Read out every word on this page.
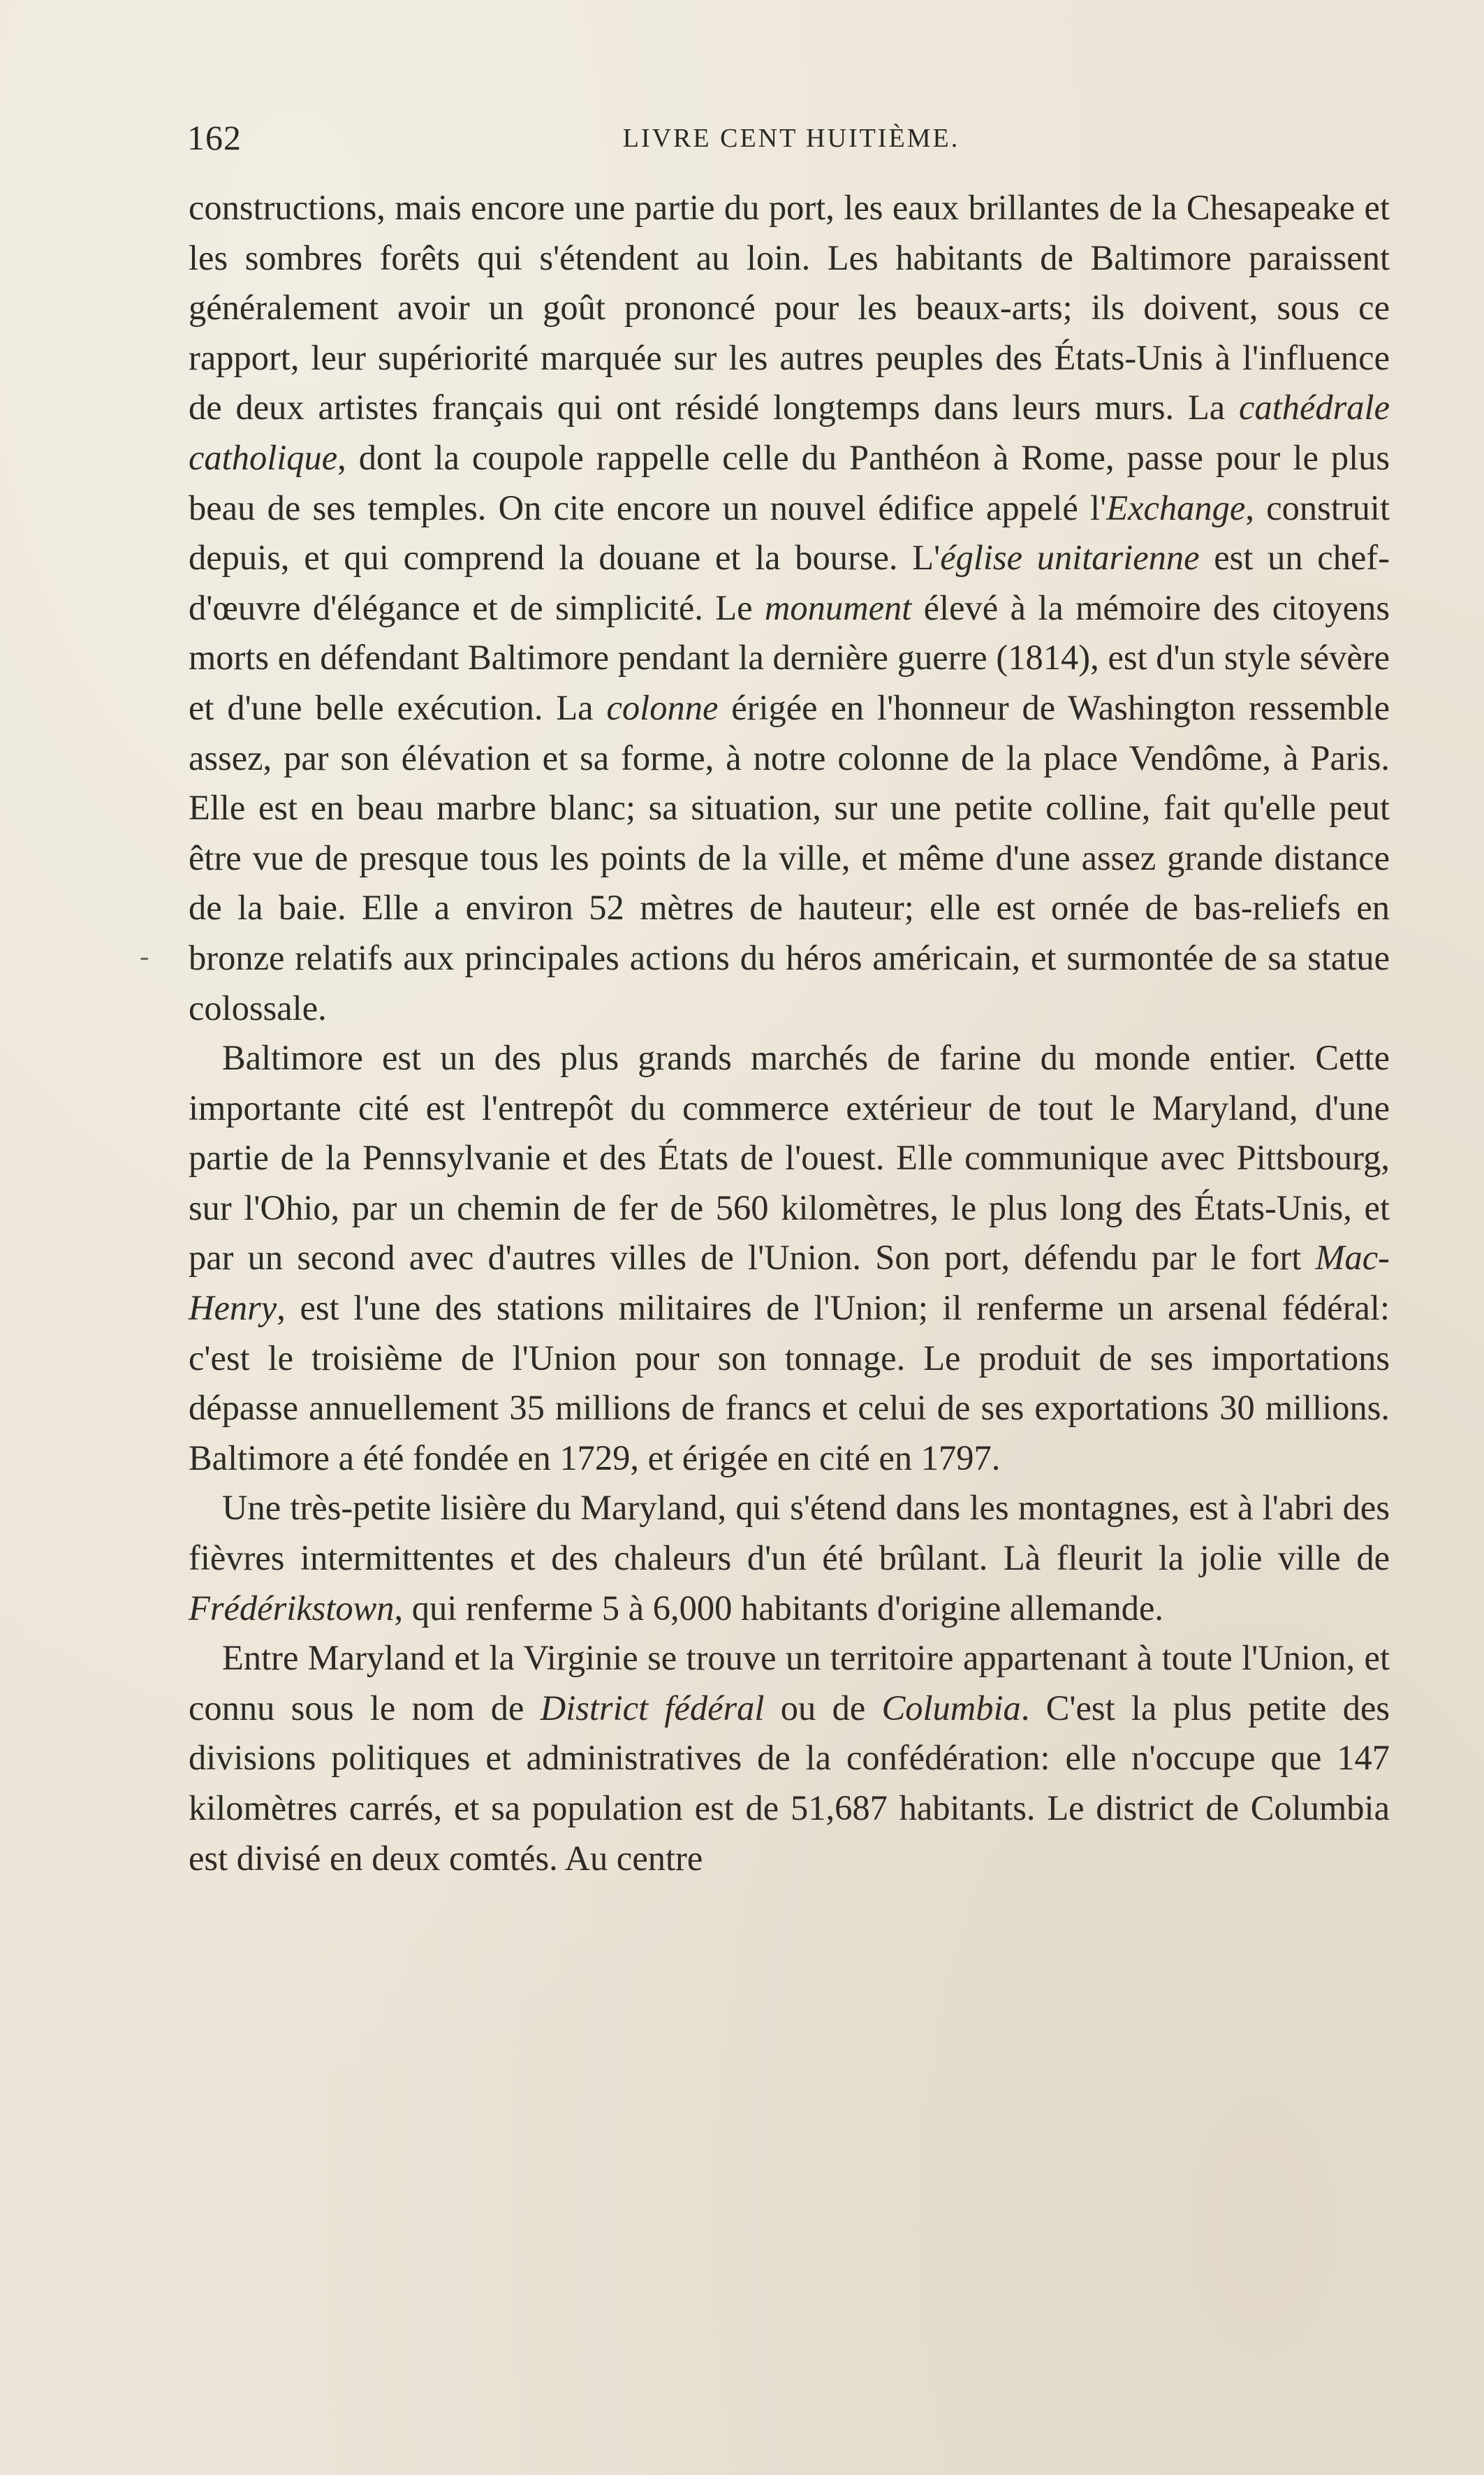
162	LIVRE CENT HUITIÈME.
-

constructions, mais encore une partie du port, les eaux brillantes de la Chesapeake et les sombres forêts qui s'étendent au loin. Les habitants de Baltimore paraissent généralement avoir un goût prononcé pour les beaux-arts; ils doivent, sous ce rapport, leur supériorité marquée sur les autres peuples des États-Unis à l'influence de deux artistes français qui ont résidé longtemps dans leurs murs. La cathédrale catholique, dont la coupole rappelle celle du Panthéon à Rome, passe pour le plus beau de ses temples. On cite encore un nouvel édifice appelé l'Exchange, construit depuis, et qui comprend la douane et la bourse. L'église unitarienne est un chef-d'œuvre d'élégance et de simplicité. Le monument élevé à la mémoire des citoyens morts en défendant Baltimore pendant la dernière guerre (1814), est d'un style sévère et d'une belle exécution. La colonne érigée en l'honneur de Washington ressemble assez, par son élévation et sa forme, à notre colonne de la place Vendôme, à Paris. Elle est en beau marbre blanc; sa situation, sur une petite colline, fait qu'elle peut être vue de presque tous les points de la ville, et même d'une assez grande distance de la baie. Elle a environ 52 mètres de hauteur; elle est ornée de bas-reliefs en bronze relatifs aux principales actions du héros américain, et surmontée de sa statue colossale.

Baltimore est un des plus grands marchés de farine du monde entier. Cette importante cité est l'entrepôt du commerce extérieur de tout le Maryland, d'une partie de la Pennsylvanie et des États de l'ouest. Elle communique avec Pittsbourg, sur l'Ohio, par un chemin de fer de 560 kilomètres, le plus long des États-Unis, et par un second avec d'autres villes de l'Union. Son port, défendu par le fort Mac-Henry, est l'une des stations militaires de l'Union; il renferme un arsenal fédéral: c'est le troisième de l'Union pour son tonnage. Le produit de ses importations dépasse annuellement 35 millions de francs et celui de ses exportations 30 millions. Baltimore a été fondée en 1729, et érigée en cité en 1797.

Une très-petite lisière du Maryland, qui s'étend dans les montagnes, est à l'abri des fièvres intermittentes et des chaleurs d'un été brûlant. Là fleurit la jolie ville de Frédérikstown, qui renferme 5 à 6,000 habitants d'origine allemande.

Entre Maryland et la Virginie se trouve un territoire appartenant à toute l'Union, et connu sous le nom de District fédéral ou de Columbia. C'est la plus petite des divisions politiques et administratives de la confédération: elle n'occupe que 147 kilomètres carrés, et sa population est de 51,687 habitants. Le district de Columbia est divisé en deux comtés. Au centre
